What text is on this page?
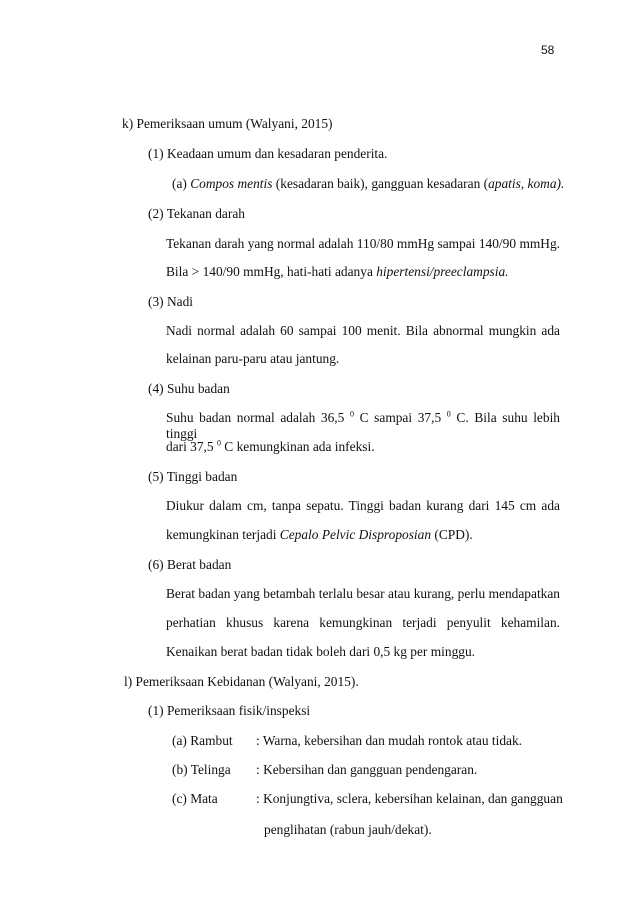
58
k) Pemeriksaan umum (Walyani, 2015)
(1) Keadaan umum dan kesadaran penderita.
(a) Compos mentis (kesadaran baik), gangguan kesadaran (apatis, koma).
(2) Tekanan darah
Tekanan darah yang normal adalah 110/80 mmHg sampai 140/90 mmHg.
Bila > 140/90 mmHg, hati-hati adanya hipertensi/preeclampsia.
(3) Nadi
Nadi normal adalah 60 sampai 100 menit. Bila abnormal mungkin ada
kelainan paru-paru atau jantung.
(4) Suhu badan
Suhu badan normal adalah 36,5 $^0$ C sampai 37,5 $^0$ C. Bila suhu lebih tinggi
dari 37,5 $^0$ C kemungkinan ada infeksi.
(5) Tinggi badan
Diukur dalam cm, tanpa sepatu. Tinggi badan kurang dari 145 cm ada
kemungkinan terjadi Cepalo Pelvic Disproposian (CPD).
(6) Berat badan
Berat badan yang betambah terlalu besar atau kurang, perlu mendapatkan
perhatian khusus karena kemungkinan terjadi penyulit kehamilan.
Kenaikan berat badan tidak boleh dari 0,5 kg per minggu.
l) Pemeriksaan Kebidanan (Walyani, 2015).
(1) Pemeriksaan fisik/inspeksi
(a) Rambut : Warna, kebersihan dan mudah rontok atau tidak.
(b) Telinga : Kebersihan dan gangguan pendengaran.
(c) Mata	: Konjungtiva, sclera, kebersihan kelainan, dan gangguan
penglihatan (rabun jauh/dekat).
